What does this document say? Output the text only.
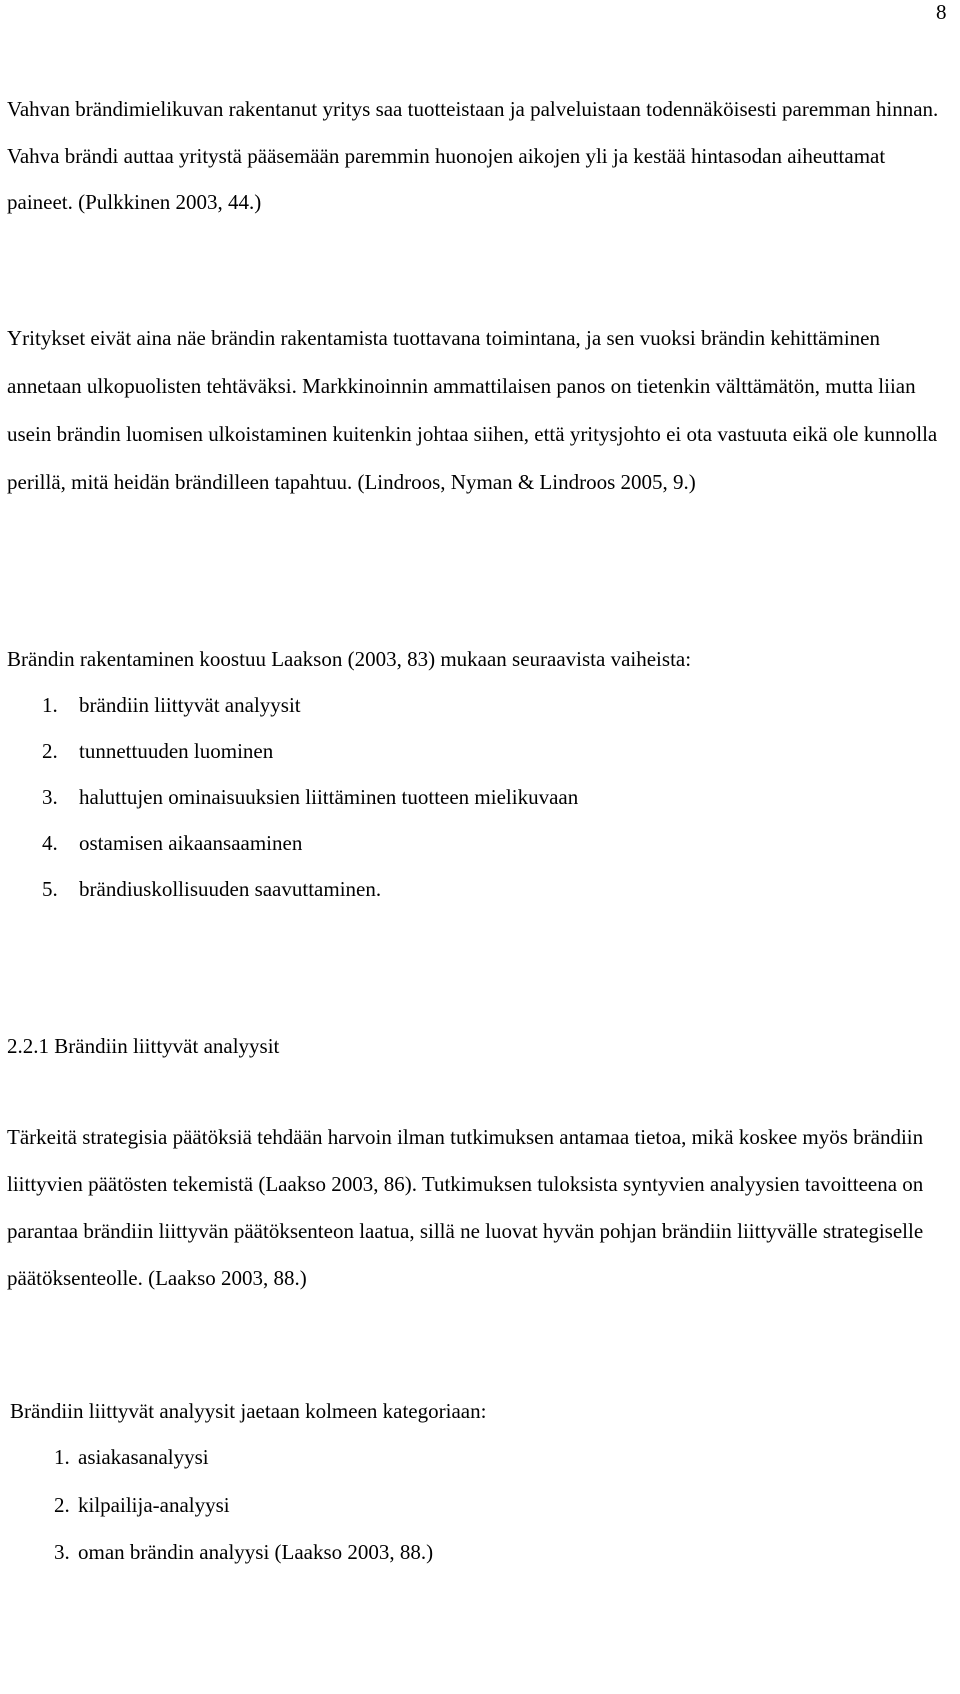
8

Vahvan brändimielikuvan rakentanut yritys saa tuotteistaan ja palveluistaan todennäköisesti paremman hinnan. Vahva brändi auttaa yritystä pääsemään paremmin huonojen aikojen yli ja kestää hintasodan aiheuttamat paineet. (Pulkkinen 2003, 44.)

Yritykset eivät aina näe brändin rakentamista tuottavana toimintana, ja sen vuoksi brändin kehittäminen annetaan ulkopuolisten tehtäväksi. Markkinoinnin ammattilaisen panos on tietenkin välttämätön, mutta liian usein brändin luomisen ulkoistaminen kuitenkin johtaa siihen, että yritysjohto ei ota vastuuta eikä ole kunnolla perillä, mitä heidän brändilleen tapahtuu. (Lindroos, Nyman & Lindroos 2005, 9.)

Brändin rakentaminen koostuu Laakson (2003, 83) mukaan seuraavista vaiheista:

1. brändiin liittyvät analyysit
2. tunnettuuden luominen
3. haluttujen ominaisuuksien liittäminen tuotteen mielikuvaan
4. ostamisen aikaansaaminen
5. brändiuskollisuuden saavuttaminen.

2.2.1 Brändiin liittyvät analyysit

Tärkeitä strategisia päätöksiä tehdään harvoin ilman tutkimuksen antamaa tietoa, mikä koskee myös brändiin liittyvien päätösten tekemistä (Laakso 2003, 86). Tutkimuksen tuloksista syntyvien analyysien tavoitteena on parantaa brändiin liittyvän päätöksenteon laatua, sillä ne luovat hyvän pohjan brändiin liittyvälle strategiselle päätöksenteolle. (Laakso 2003, 88.)

Brändiin liittyvät analyysit jaetaan kolmeen kategoriaan:

1. asiakasanalyysi
2. kilpailija-analyysi
3. oman brändin analyysi (Laakso 2003, 88.)
